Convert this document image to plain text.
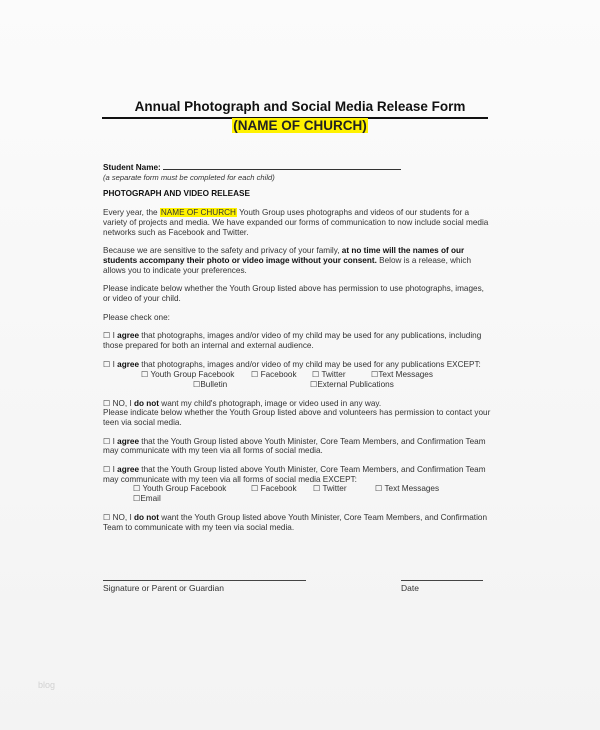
Annual Photograph and Social Media Release Form
(NAME OF CHURCH)

Student Name:

(a separate form must be completed for each child)

PHOTOGRAPH AND VIDEO RELEASE

Every year, the NAME OF CHURCH Youth Group uses photographs and videos of our students for a variety of projects and media. We have expanded our forms of communication to now include social media networks such as Facebook and Twitter.

Because we are sensitive to the safety and privacy of your family, at no time will the names of our students accompany their photo or video image without your consent. Below is a release, which allows you to indicate your preferences.

Please indicate below whether the Youth Group listed above has permission to use photographs, images, or video of your child.

Please check one:

☐ I agree that photographs, images and/or video of my child may be used for any publications, including those prepared for both an internal and external audience.

☐ I agree that photographs, images and/or video of my child may be used for any publications EXCEPT:

☐ Youth Group Facebook ☐ Facebook ☐ Twitter	☐Text Messages
☐Bulletin	☐External Publications

☐ NO, I do not want my child's photograph, image or video used in any way.

Please indicate below whether the Youth Group listed above and volunteers has permission to contact your teen via social media.

☐ I agree that the Youth Group listed above Youth Minister, Core Team Members, and Confirmation Team may communicate with my teen via all forms of social media.

☐ I agree that the Youth Group listed above Youth Minister, Core Team Members, and Confirmation Team may communicate with my teen via all forms of social media EXCEPT:

☐ Youth Group Facebook	☐ Facebook ☐ Twitter	☐ Text Messages
☐Email

☐ NO, I do not want the Youth Group listed above Youth Minister, Core Team Members, and Confirmation Team to communicate with my teen via social media.

Signature or Parent or Guardian	Date
blog
